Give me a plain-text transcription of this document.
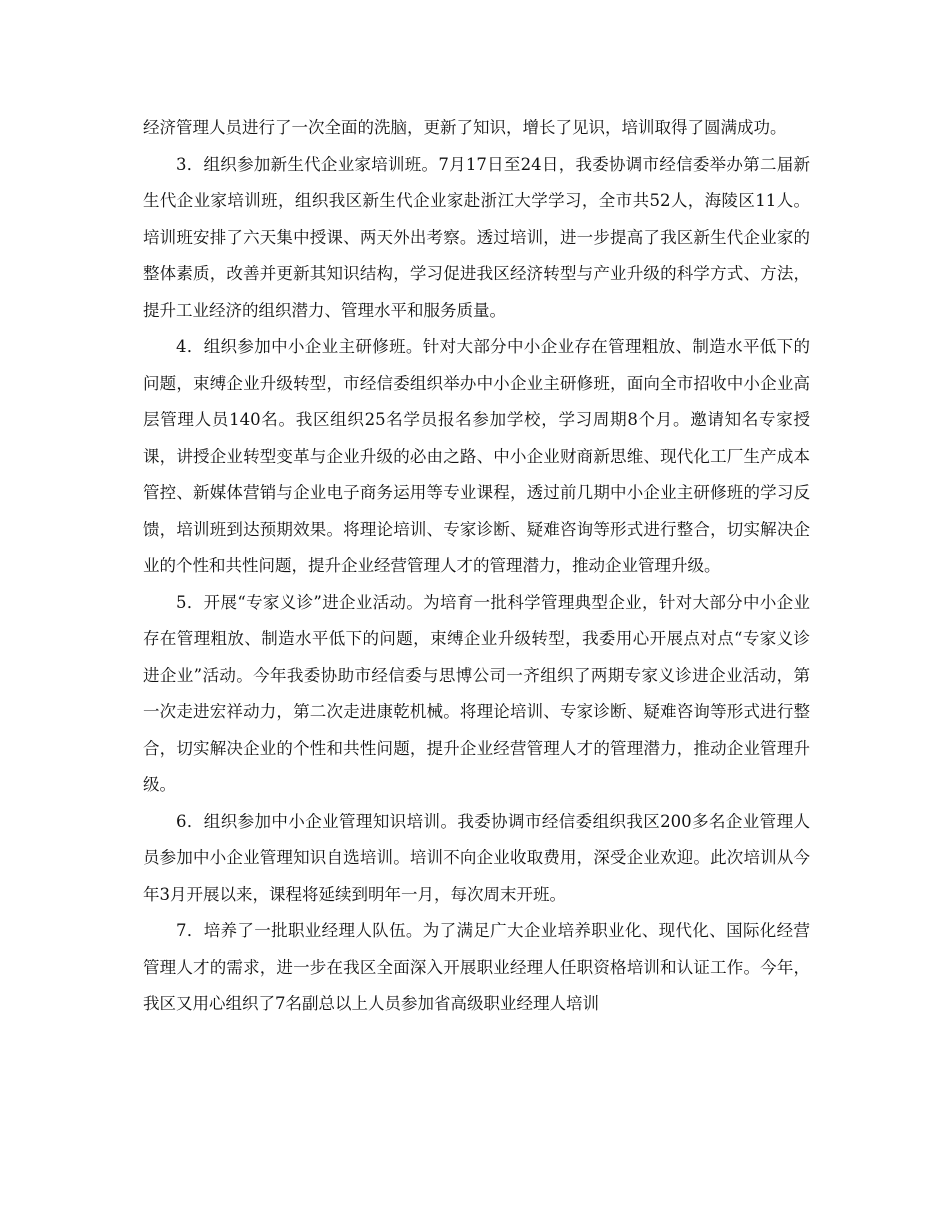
经济管理人员进行了一次全面的洗脑，更新了知识，增长了见识，培训取得了圆满成功。

3．组织参加新生代企业家培训班。7月17日至24日，我委协调市经信委举办第二届新生代企业家培训班，组织我区新生代企业家赴浙江大学学习，全市共52人，海陵区11人。培训班安排了六天集中授课、两天外出考察。透过培训，进一步提高了我区新生代企业家的整体素质，改善并更新其知识结构，学习促进我区经济转型与产业升级的科学方式、方法，提升工业经济的组织潜力、管理水平和服务质量。

4．组织参加中小企业主研修班。针对大部分中小企业存在管理粗放、制造水平低下的问题，束缚企业升级转型，市经信委组织举办中小企业主研修班，面向全市招收中小企业高层管理人员140名。我区组织25名学员报名参加学校，学习周期8个月。邀请知名专家授课，讲授企业转型变革与企业升级的必由之路、中小企业财商新思维、现代化工厂生产成本管控、新媒体营销与企业电子商务运用等专业课程，透过前几期中小企业主研修班的学习反馈，培训班到达预期效果。将理论培训、专家诊断、疑难咨询等形式进行整合，切实解决企业的个性和共性问题，提升企业经营管理人才的管理潜力，推动企业管理升级。

5．开展“专家义诊”进企业活动。为培育一批科学管理典型企业，针对大部分中小企业存在管理粗放、制造水平低下的问题，束缚企业升级转型，我委用心开展点对点“专家义诊进企业”活动。今年我委协助市经信委与思博公司一齐组织了两期专家义诊进企业活动，第一次走进宏祥动力，第二次走进康乾机械。将理论培训、专家诊断、疑难咨询等形式进行整合，切实解决企业的个性和共性问题，提升企业经营管理人才的管理潜力，推动企业管理升级。

6．组织参加中小企业管理知识培训。我委协调市经信委组织我区200多名企业管理人员参加中小企业管理知识自选培训。培训不向企业收取费用，深受企业欢迎。此次培训从今年3月开展以来，课程将延续到明年一月，每次周末开班。

7．培养了一批职业经理人队伍。为了满足广大企业培养职业化、现代化、国际化经营管理人才的需求，进一步在我区全面深入开展职业经理人任职资格培训和认证工作。今年，我区又用心组织了7名副总以上人员参加省高级职业经理人培训
